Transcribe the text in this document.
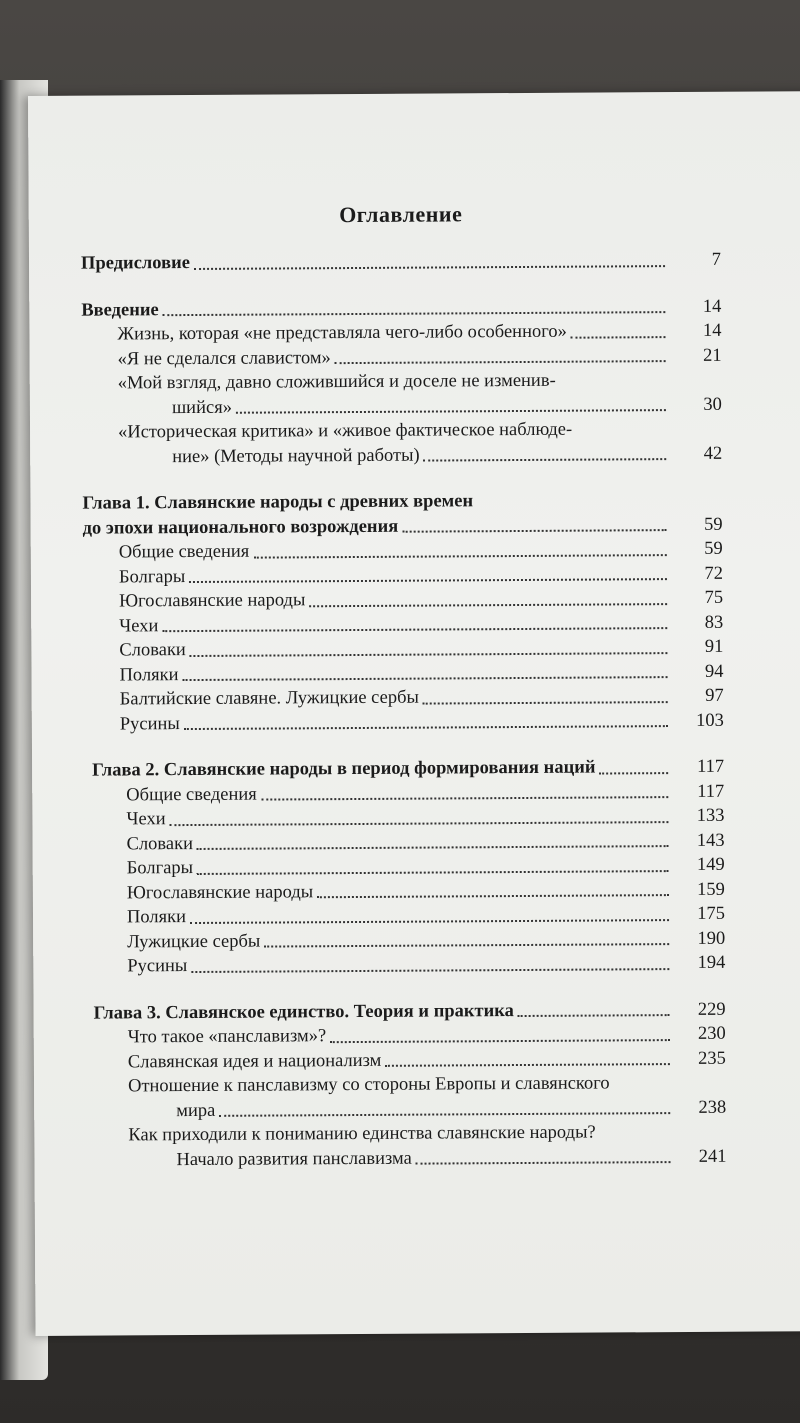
Оглавление
Предисловие	7
Введение	14
Жизнь, которая «не представляла чего-либо особенного»	14
«Я не сделался славистом»	21
«Мой взгляд, давно сложившийся и доселе не изменив-
шийся»	30
«Историческая критика» и «живое фактическое наблюде-
ние» (Методы научной работы)	42
Глава 1. Славянские народы с древних времен
до эпохи национального возрождения	59
Общие сведения	59
Болгары	72
Югославянские народы	75
Чехи	83
Словаки	91
Поляки	94
Балтийские славяне. Лужицкие сербы	97
Русины	103
Глава 2. Славянские народы в период формирования наций	117
Общие сведения	117
Чехи	133
Словаки	143
Болгары	149
Югославянские народы	159
Поляки	175
Лужицкие сербы	190
Русины	194
Глава 3. Славянское единство. Теория и практика	229
Что такое «панславизм»?	230
Славянская идея и национализм	235
Отношение к панславизму со стороны Европы и славянского
мира	238
Как приходили к пониманию единства славянские народы?
Начало развития панславизма	241
